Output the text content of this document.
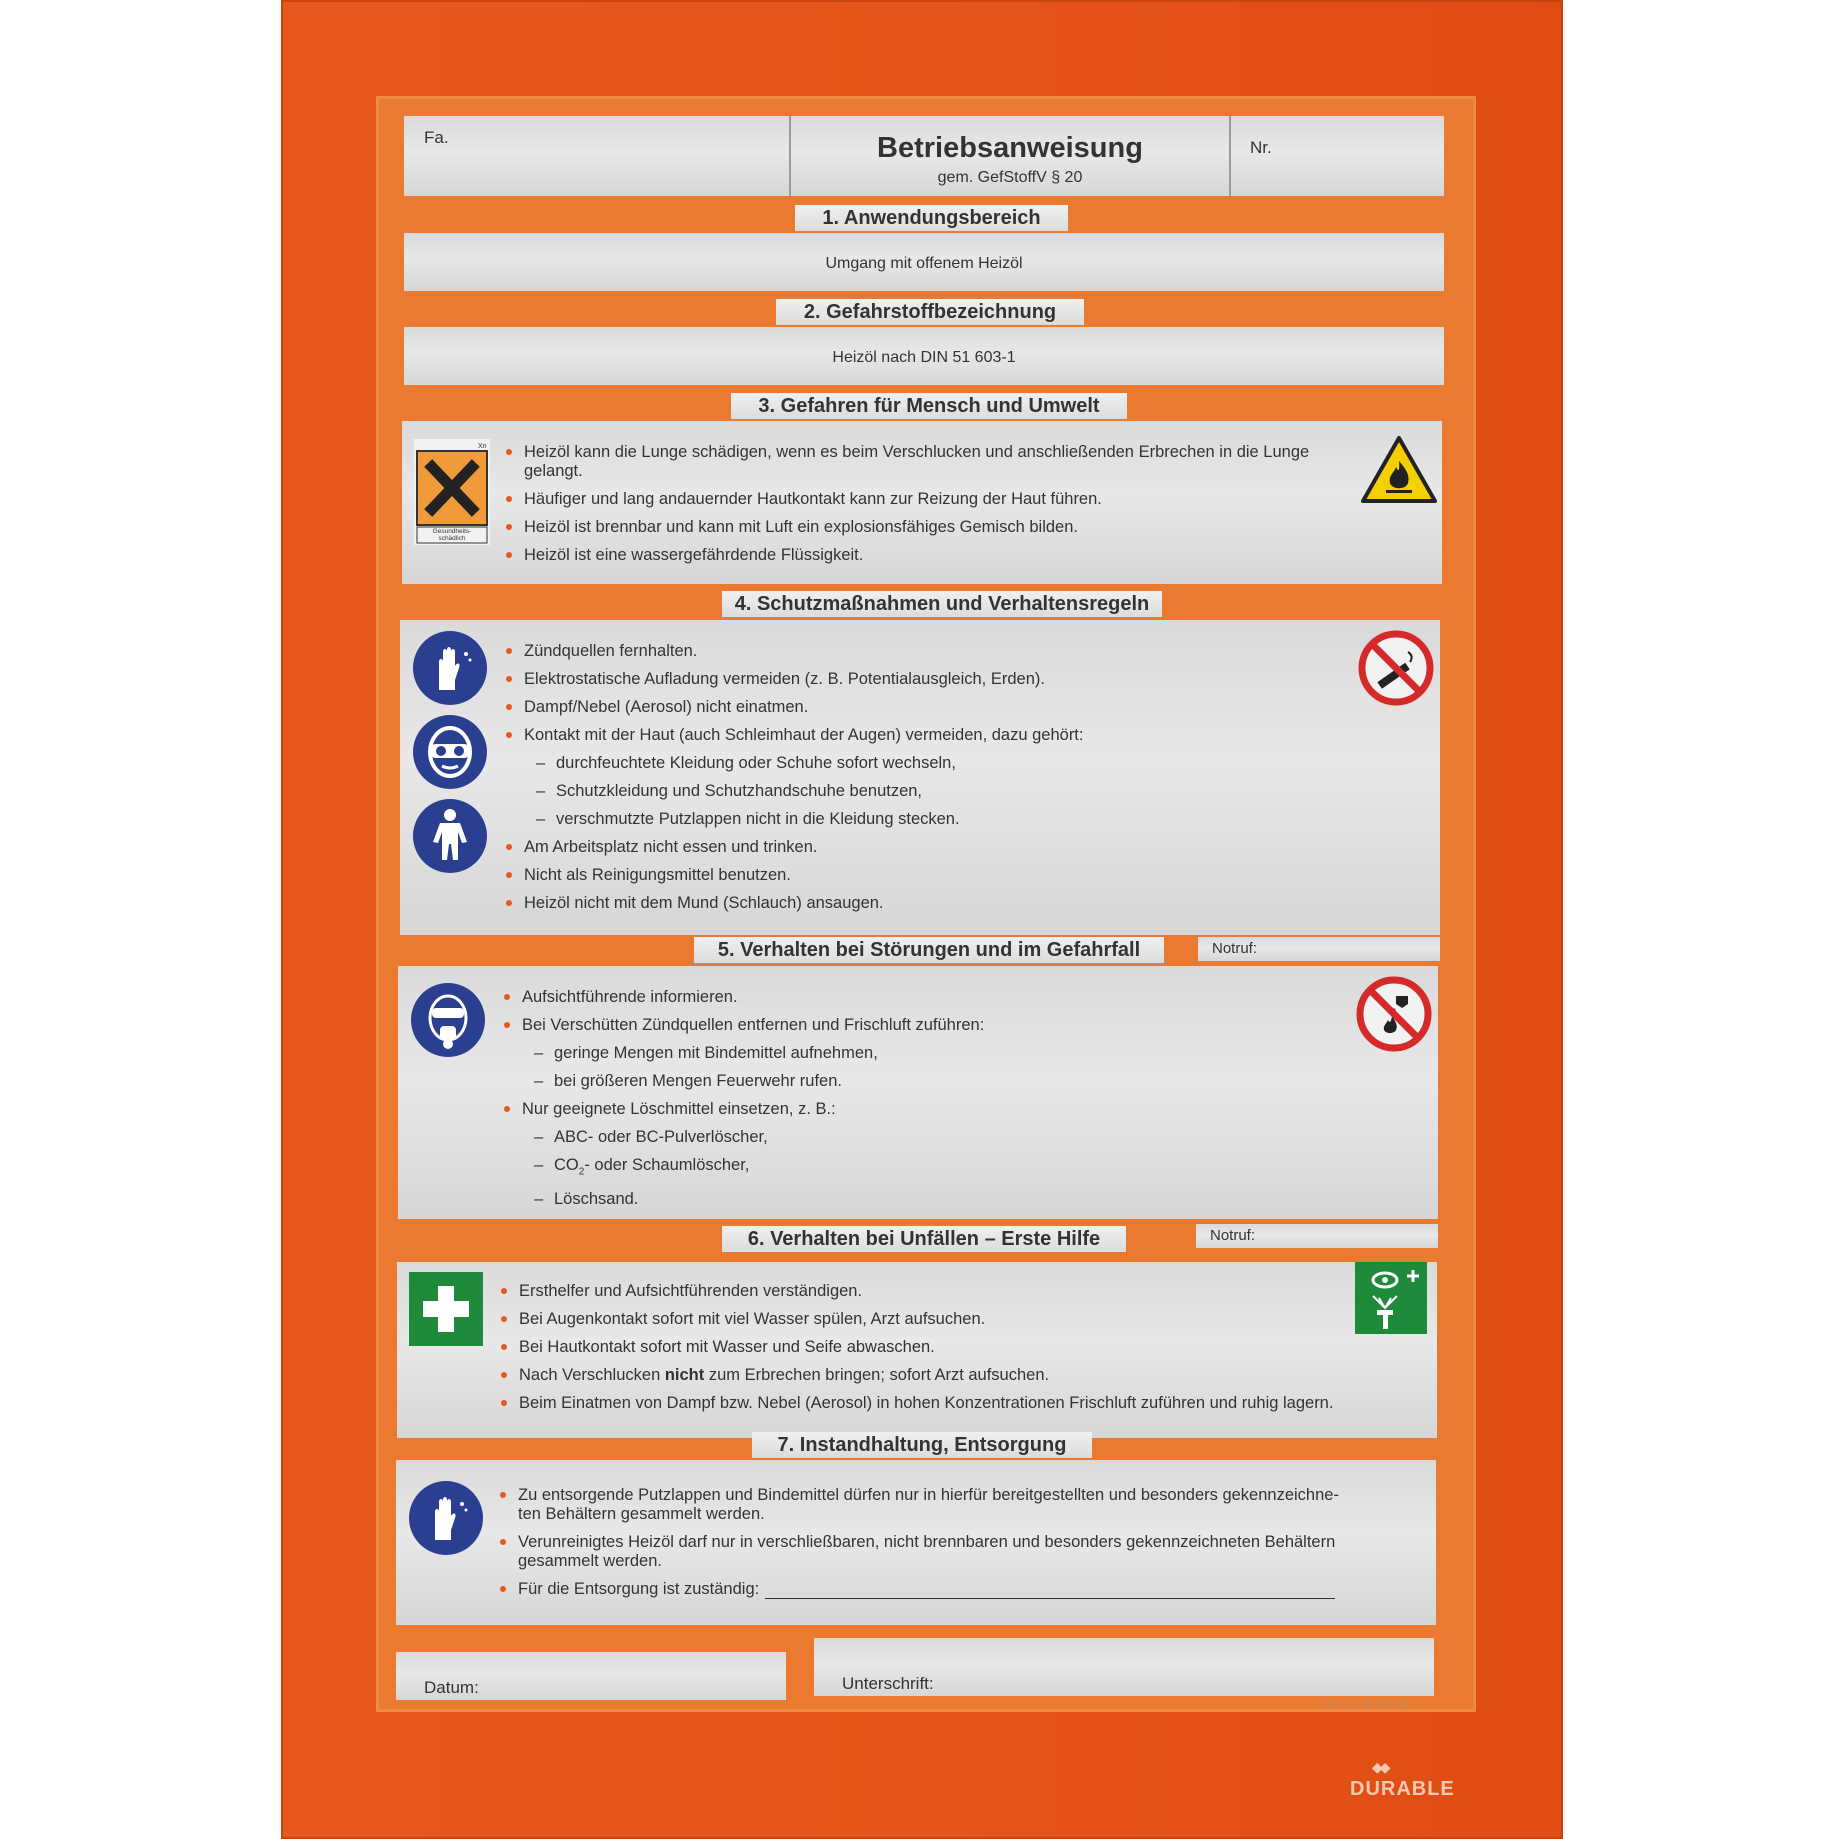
Fa.	Betriebsanweisung
gem. GefStoffV § 20
Nr.
1. Anwendungsbereich
Umgang mit offenem Heizöl
2. Gefahrstoffbezeichnung
Heizöl nach DIN 51 603-1
3. Gefahren für Mensch und Umwelt
Xn
Gesundheits-schädlich
Heizöl kann die Lunge schädigen, wenn es beim Verschlucken und anschließenden Erbrechen in die Lunge gelangt.
Häufiger und lang andauernder Hautkontakt kann zur Reizung der Haut führen.
Heizöl ist brennbar und kann mit Luft ein explosionsfähiges Gemisch bilden.
Heizöl ist eine wassergefährdende Flüssigkeit.
4. Schutzmaßnahmen und Verhaltensregeln
Zündquellen fernhalten.
Elektrostatische Aufladung vermeiden (z. B. Potentialausgleich, Erden).
Dampf/Nebel (Aerosol) nicht einatmen.
Kontakt mit der Haut (auch Schleimhaut der Augen) vermeiden, dazu gehört:
– durchfeuchtete Kleidung oder Schuhe sofort wechseln,
– Schutzkleidung und Schutzhandschuhe benutzen,
– verschmutzte Putzlappen nicht in die Kleidung stecken.
Am Arbeitsplatz nicht essen und trinken.
Nicht als Reinigungsmittel benutzen.
Heizöl nicht mit dem Mund (Schlauch) ansaugen.
5. Verhalten bei Störungen und im Gefahrfall	Notruf:
Aufsichtführende informieren.
Bei Verschütten Zündquellen entfernen und Frischluft zuführen:
– geringe Mengen mit Bindemittel aufnehmen,
– bei größeren Mengen Feuerwehr rufen.
Nur geeignete Löschmittel einsetzen, z. B.:
– ABC- oder BC-Pulverlöscher,
– $CO_2-$ oder Schaumlöscher,
– Löschsand.
6. Verhalten bei Unfällen – Erste Hilfe	Notruf:
Ersthelfer und Aufsichtführenden verständigen.
Bei Augenkontakt sofort mit viel Wasser spülen, Arzt aufsuchen.
Bei Hautkontakt sofort mit Wasser und Seife abwaschen.
Nach Verschlucken nicht zum Erbrechen bringen; sofort Arzt aufsuchen.
Beim Einatmen von Dampf bzw. Nebel (Aerosol) in hohen Konzentrationen Frischluft zuführen und ruhig lagern.
7. Instandhaltung, Entsorgung
Zu entsorgende Putzlappen und Bindemittel dürfen nur in hierfür bereitgestellten und besonders gekennzeichne-ten Behältern gesammelt werden.
Verunreinigtes Heizöl darf nur in verschließbaren, nicht brennbaren und besonders gekennzeichneten Behältern gesammelt werden.
Für die Entsorgung ist zuständig:
Datum:	Unterschrift:
BG-7.3.34 (09.98)
◆◆
DURABLE
